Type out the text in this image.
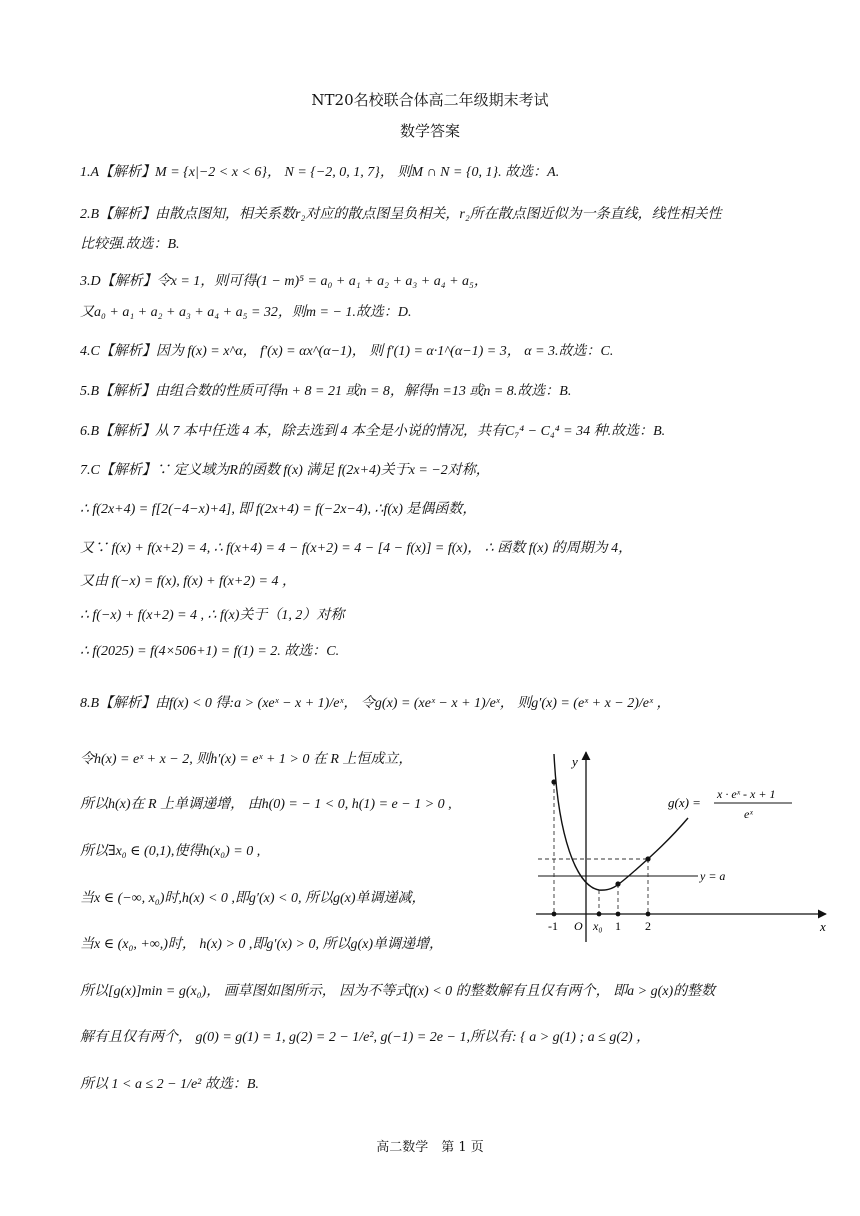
NT20名校联合体高二年级期末考试
数学答案
1.A【解析】M = {x|−2 < x < 6}， N = {−2, 0, 1, 7}， 则M ∩ N = {0, 1}. 故选：A.
2.B【解析】由散点图知，相关系数r₂对应的散点图呈负相关，r₂所在散点图近似为一条直线，线性相关性
比较强.故选：B.
3.D【解析】令x = 1，则可得(1 − m)⁵ = a₀ + a₁ + a₂ + a₃ + a₄ + a₅，
又a₀ + a₁ + a₂ + a₃ + a₄ + a₅ = 32，则m = − 1.故选：D.
4.C【解析】因为 f(x) = x^α， f′(x) = αx^(α−1)， 则 f′(1) = α·1^(α−1) = 3， α = 3.故选：C.
5.B【解析】由组合数的性质可得n + 8 = 21 或n = 8，解得n =13 或n = 8.故选：B.
6.B【解析】从 7 本中任选 4 本，除去选到 4 本全是小说的情况，共有C₇⁴ − C₄⁴ = 34 种.故选：B.
7.C【解析】∵ 定义域为R的函数 f(x) 满足 f(2x+4)关于x = −2对称，
∴ f(2x+4) = f[2(−4−x)+4], 即 f(2x+4) = f(−2x−4), ∴f(x) 是偶函数，
又∵ f(x) + f(x+2) = 4, ∴ f(x+4) = 4 − f(x+2) = 4 − [4 − f(x)] = f(x)， ∴ 函数 f(x) 的周期为 4，
又由 f(−x) = f(x), f(x) + f(x+2) = 4 ，
∴ f(−x) + f(x+2) = 4 , ∴ f(x)关于（1, 2）对称
∴ f(2025) = f(4×506+1) = f(1) = 2. 故选：C.
8.B【解析】由f(x) < 0 得:a > (xeˣ − x + 1)/eˣ， 令g(x) = (xeˣ − x + 1)/eˣ， 则g′(x) = (eˣ + x − 2)/eˣ ，
令h(x) = eˣ + x − 2, 则h′(x) = eˣ + 1 > 0 在 R 上恒成立，
所以h(x)在 R 上单调递增， 由h(0) = − 1 < 0, h(1) = e − 1 > 0 ,
所以∃x₀ ∈ (0,1),使得h(x₀) = 0 ,
当x ∈ (−∞, x₀)时,h(x) < 0 ,即g′(x) < 0, 所以g(x)单调递减，
当x ∈ (x₀, +∞,)时， h(x) > 0 ,即g′(x) > 0, 所以g(x)单调递增，
所以[g(x)]min = g(x₀)， 画草图如图所示， 因为不等式f(x) < 0 的整数解有且仅有两个， 即a > g(x)的整数
解有且仅有两个， g(0) = g(1) = 1, g(2) = 2 − 1/e², g(−1) = 2e − 1,所以有: { a > g(1) ; a ≤ g(2) ，
所以 1 < a ≤ 2 − 1/e² 故选：B.
y
x
O
-1	x₀ 1 2
y = a
g(x) =
x · eˣ - x + 1
eˣ
高二数学　第 1 页
